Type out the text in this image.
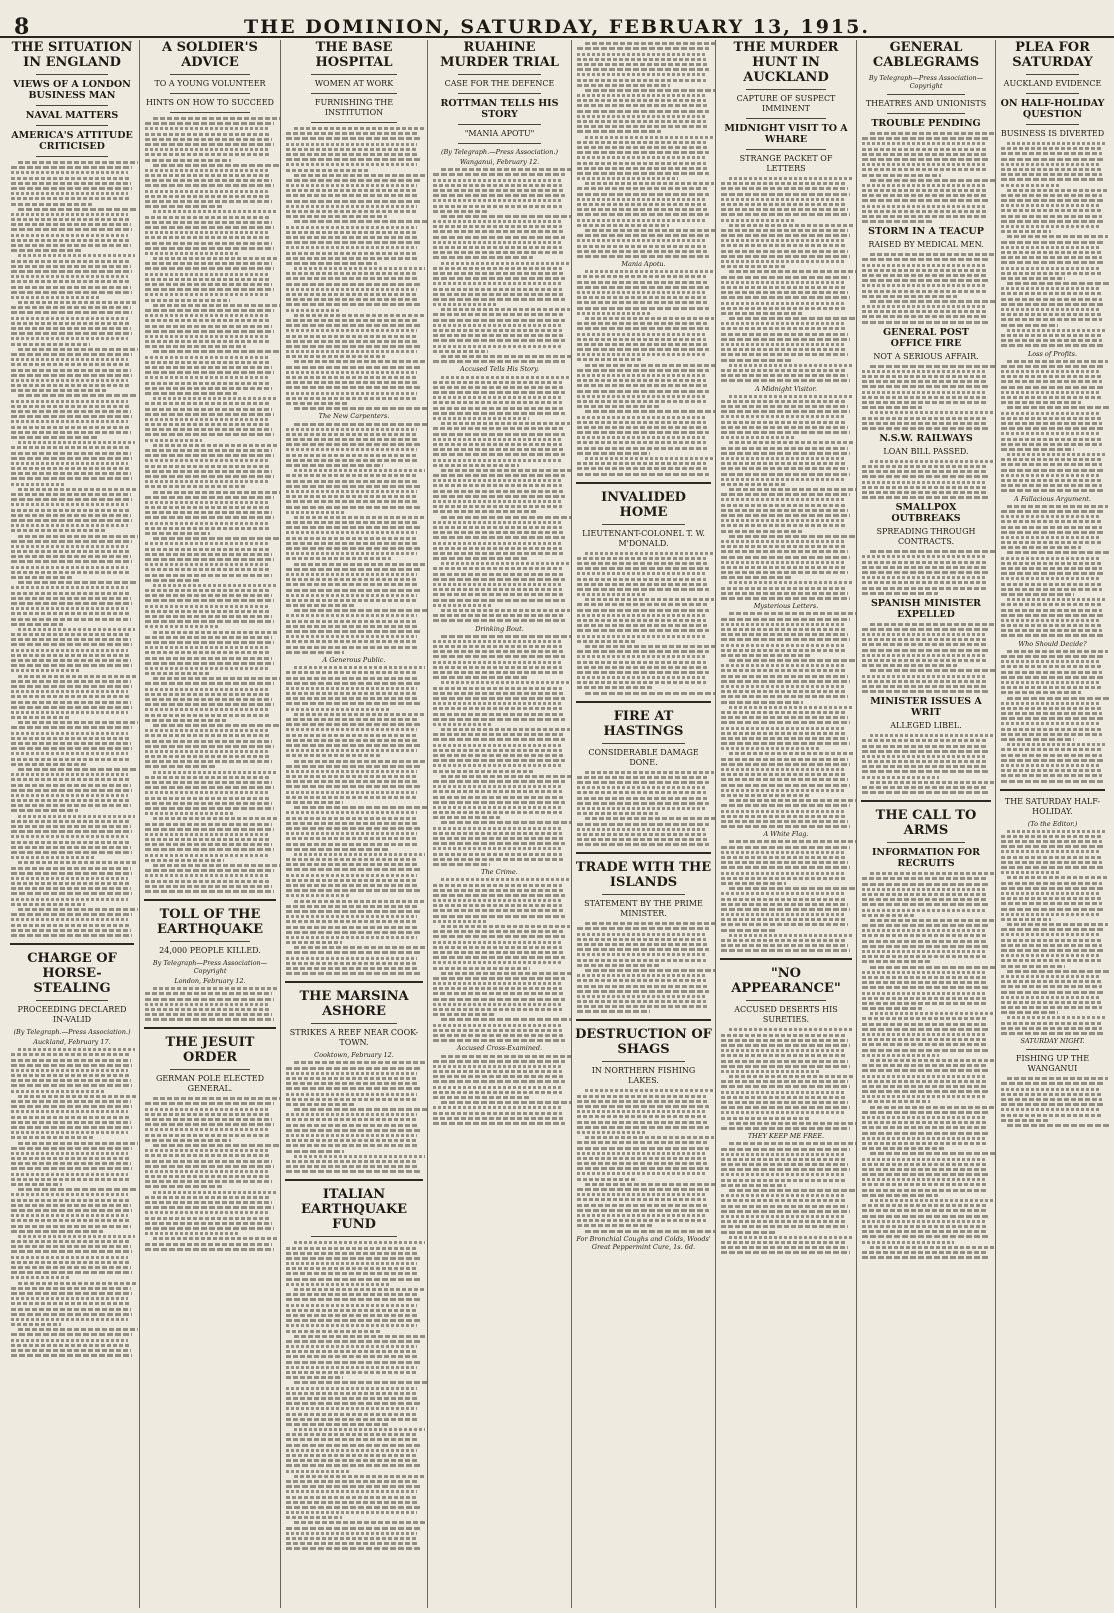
8	THE DOMINION, SATURDAY, FEBRUARY 13, 1915.
THE SITUATION IN ENGLAND
VIEWS OF A LONDON BUSINESS MAN
NAVAL MATTERS
AMERICA'S ATTITUDE CRITICISED
CHARGE OF HORSE-STEALING
PROCEEDING DECLARED IN-VALID
(By Telegraph.—Press Association.)
Auckland, February 17.
A SOLDIER'S ADVICE
TO A YOUNG VOLUNTEER
HINTS ON HOW TO SUCCEED
TOLL OF THE EARTHQUAKE
24,000 PEOPLE KILLED.
By Telegraph—Press Association—Copyright
London, February 12.
THE JESUIT ORDER
GERMAN POLE ELECTED GENERAL.
THE BASE HOSPITAL
WOMEN AT WORK
FURNISHING THE INSTITUTION
The New Carpenters.
A Generous Public.
THE MARSINA ASHORE
STRIKES A REEF NEAR COOK-TOWN.
Cooktown, February 12.
ITALIAN EARTHQUAKE FUND
RUAHINE MURDER TRIAL
CASE FOR THE DEFENCE
ROTTMAN TELLS HIS STORY
"MANIA APOTU"
(By Telegraph.—Press Association.)
Wanganui, February 12.
Accused Tells His Story.
Drinking Bout.
The Crime.
Accused Cross-Examined.
Mania Apotu.
INVALIDED HOME
LIEUTENANT-COLONEL T. W. M'DONALD.
FIRE AT HASTINGS
CONSIDERABLE DAMAGE DONE.
TRADE WITH THE ISLANDS
STATEMENT BY THE PRIME MINISTER.
DESTRUCTION OF SHAGS
IN NORTHERN FISHING LAKES.
For Bronchial Coughs and Colds, Woods' Great Peppermint Cure, 1s. 6d.
THE MURDER HUNT IN AUCKLAND
CAPTURE OF SUSPECT IMMINENT
MIDNIGHT VISIT TO A WHARE
STRANGE PACKET OF LETTERS
A Midnight Visitor.
Mysterious Letters.
A White Flag.
"NO APPEARANCE"
ACCUSED DESERTS HIS SURETIES.
THEY KEEP ME FREE.
GENERAL CABLEGRAMS
By Telegraph—Press Association—Copyright
THEATRES AND UNIONISTS
TROUBLE PENDING
STORM IN A TEACUP
RAISED BY MEDICAL MEN.
GENERAL POST OFFICE FIRE
NOT A SERIOUS AFFAIR.
N.S.W. RAILWAYS
LOAN BILL PASSED.
SMALLPOX OUTBREAKS
SPREADING THROUGH CONTRACTS.
SPANISH MINISTER EXPELLED
MINISTER ISSUES A WRIT
ALLEGED LIBEL.
THE CALL TO ARMS
INFORMATION FOR RECRUITS
PLEA FOR SATURDAY
AUCKLAND EVIDENCE
ON HALF-HOLIDAY QUESTION
BUSINESS IS DIVERTED
Loss of Profits.
A Fallacious Argument.
Who Should Decide?
THE SATURDAY HALF-HOLIDAY.
(To the Editor.)
SATURDAY NIGHT.
FISHING UP THE WANGANUI
